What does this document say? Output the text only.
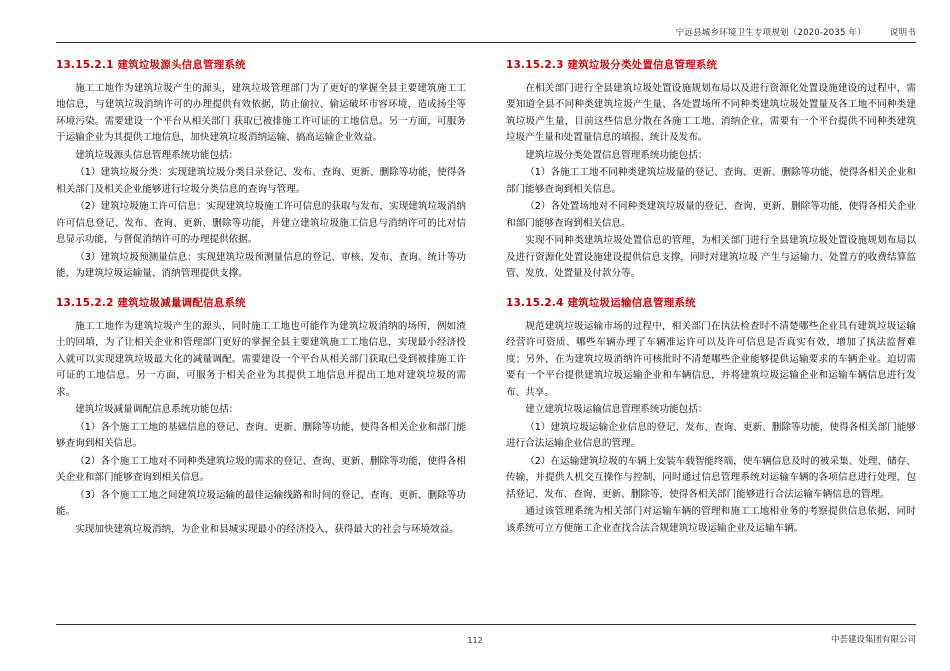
宁远县城乡环境卫生专项规划（2020-2035 年）	说明书
13.15.2.1 建筑垃圾源头信息管理系统

施工工地作为建筑垃圾产生的源头，建筑垃圾管理部门为了更好的掌握全县主要建筑施工工地信息，与建筑垃圾消纳许可的办理提供有效依据，防止偷拉、偷运破坏市容环境，造成扬尘等环境污染。需要建设一个平台从相关部门 获取已被排施工许可证的工地信息。另一方面，可服务于运输企业为其提供工地信息，加快建筑垃圾消纳运输、搞高运输企业效益。

建筑垃圾源头信息管理系统功能包括：

（1）建筑垃圾分类：实现建筑垃圾分类目录登记、发布、查询、更新、删除等功能，使得各相关部门及相关企业能够进行垃圾分类信息的查询与管理。

（2）建筑垃圾施工许可信息：实现建筑垃圾施工许可信息的获取与发布，实现建筑垃圾消纳许可信息登记、发布、查询、更新、删除等功能，并建立建筑垃圾施工信息与消纳许可的比对信息显示功能，与督促消纳许可的办理提供依据。

（3）建筑垃圾预测量信息：实现建筑垃圾预测量信息的登记、审核、发布、查询、统计等功能，为建筑垃圾运输量、消纳管理提供支撑。

13.15.2.2 建筑垃圾减量调配信息系统

施工工地作为建筑垃圾产生的源头，同时施工工地也可能作为建筑垃圾消纳的场所，例如渣土的回填，为了让相关企业和管理部门更好的掌握全县主要建筑施工工地信息，实现最小经济投入就可以实现建筑垃圾最大化的减量调配。需要建设一个平台从相关部门获取已受到被排施工许可证的工地信息。另一方面，可服务于相关企业为其提供工地信息并提出工地对建筑垃圾的需求。

建筑垃圾减量调配信息系统功能包括：

（1）各个施工工地的基础信息的登记、查询、更新、删除等功能，使得各相关企业和部门能够查询到相关信息。

（2）各个施工工地对不同种类建筑垃圾的需求的登记、查询、更新、删除等功能，使得各相关企业和部门能够查询到相关信息。

（3）各个施工工地之间建筑垃圾运输的最佳运输线路和时间的登记、查询、更新、删除等功能。

实现加快建筑垃圾消纳，为企业和县城实现最小的经济投入，获得最大的社会与环境效益。

13.15.2.3 建筑垃圾分类处置信息管理系统

在相关部门进行全县建筑垃圾处置设施规划布局以及进行资源化处置设施建设的过程中，需要知道全县不同种类建筑垃圾产生量、各处置场所不同种类建筑垃圾处置量及各工地不同种类建筑垃圾产生量，目前这些信息分散在各施工工地、消纳企业，需要有一个平台提供不同种类建筑垃圾产生量和处置量信息的填报、统计及发布。

建筑垃圾分类处置信息管理系统功能包括：

（1）各施工工地不同种类建筑垃圾量的登记、查询、更新、删除等功能，使得各相关企业和部门能够查询到相关信息。

（2）各处置场地对不同种类建筑垃圾量的登记、查询、更新、删除等功能，使得各相关企业和部门能够查询到相关信息。

实现不同种类建筑垃圾处置信息的管理，为相关部门进行全县建筑垃圾处置设施规划布局以及进行资源化处置设施建设提供信息支撑，同时对建筑垃圾 产生与运输力、处置方的收费结算监管、发放、处置量及付款分等。

13.15.2.4 建筑垃圾运输信息管理系统

规范建筑垃圾运输市场的过程中，相关部门在执法检查时不清楚哪些企业具有建筑垃圾运输经营许可资质、哪些车辆办理了车辆准运许可以及许可信息是否真实有效，增加了执法监督难度；另外，在为建筑垃圾消纳许可核批时不清楚哪些企业能够提供运输要求的车辆企业。迫切需要有一个平台提供建筑垃圾运输企业和车辆信息，并将建筑垃圾运输企业和运输车辆信息进行发布、共享。

建立建筑垃圾运输信息管理系统功能包括：

（1）建筑垃圾运输企业信息的登记、发布、查询、更新、删除等功能，使得各相关部门能够进行合法运输企业信息的管理。

（2）在运输建筑垃圾的车辆上安装车载智能终端，使车辆信息及时的被采集、处理、储存、传输，并提供人机交互操作与控制，同时通过信息管理系统对运输车辆的各项信息进行处理，包括登记、发布、查询、更新、删除等，使得各相关部门能够进行合法运输车辆信息的管理。

通过该管理系统为相关部门对运输车辆的管理和施工工地相业务的考察提供信息依据，同时该系统可立方便施工企业查找合法合规建筑垃圾运输企业及运输车辆。

112	中荟建设集团有限公司
